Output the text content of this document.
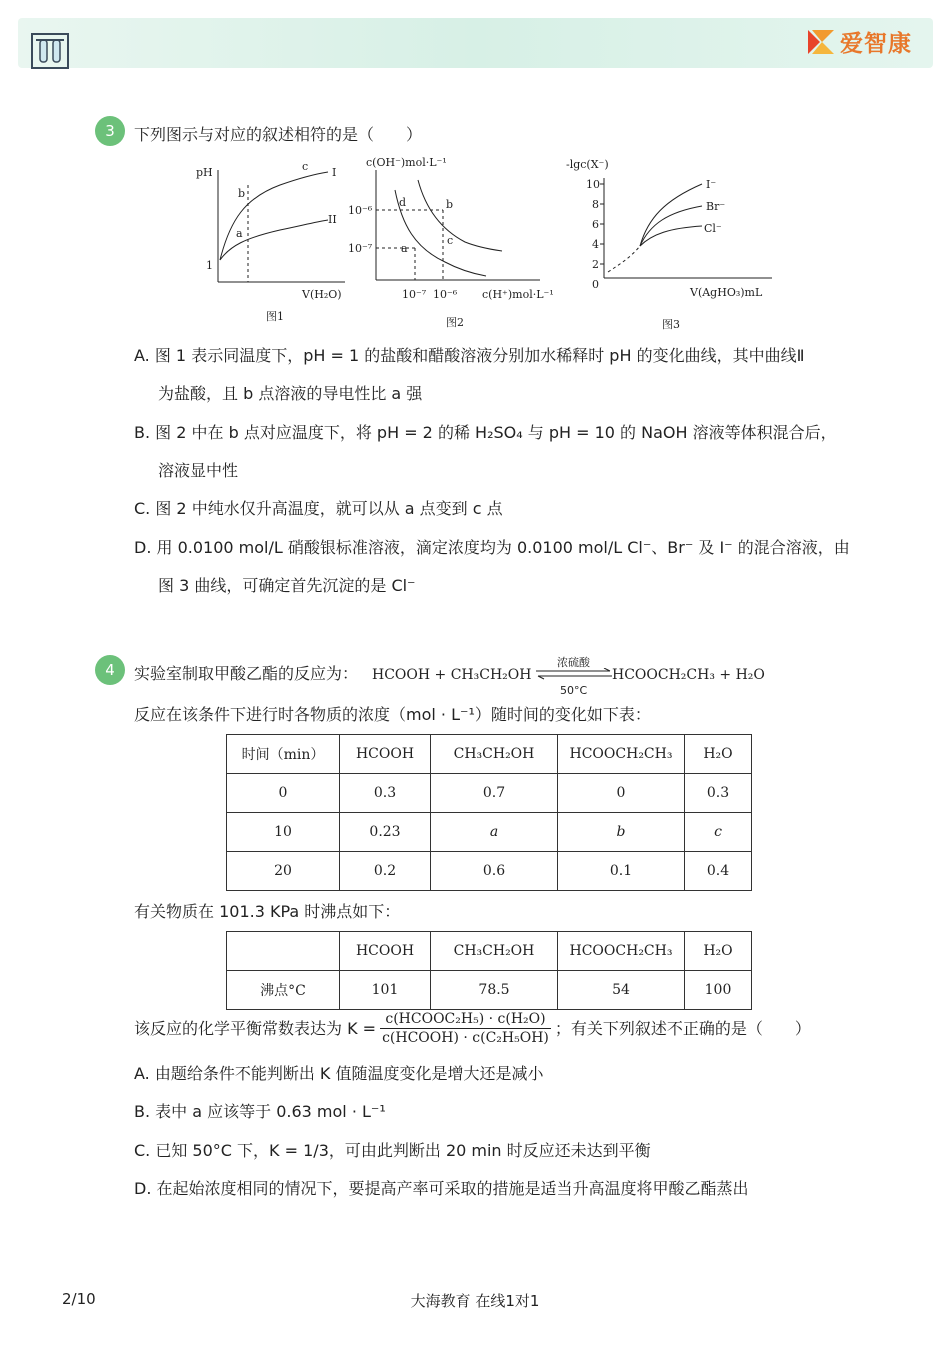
爱智康
3	下列图示与对应的叙述相符的是（　　）
pH
1
I
II
b
c
a
V(H₂O)
图1
c(OH⁻)mol·L⁻¹
10⁻⁶
10⁻⁷
10⁻⁷ 10⁻⁶ c(H⁺)mol·L⁻¹
d	b
c
a
图2
-lgc(X⁻)
10
8
6
4
2
0
I⁻
Br⁻
Cl⁻
V(AgHO₃)mL
图3
A. 图 1 表示同温度下，pH = 1 的盐酸和醋酸溶液分别加水稀释时 pH 的变化曲线，其中曲线Ⅱ
为盐酸，且 b 点溶液的导电性比 a 强
B. 图 2 中在 b 点对应温度下，将 pH = 2 的稀 H₂SO₄ 与 pH = 10 的 NaOH 溶液等体积混合后，
溶液显中性
C. 图 2 中纯水仅升高温度，就可以从 a 点变到 c 点
D. 用 0.0100 mol/L 硝酸银标准溶液，滴定浓度均为 0.0100 mol/L Cl⁻、Br⁻ 及 I⁻ 的混合溶液，由
图 3 曲线，可确定首先沉淀的是 Cl⁻
4	实验室制取甲酸乙酯的反应为： HCOOH + CH₃CH₂OH
浓硫酸
50°C
HCOOCH₂CH₃ + H₂O
反应在该条件下进行时各物质的浓度（mol · L⁻¹）随时间的变化如下表：
时间（min）	HCOOH	CH₃CH₂OH	HCOOCH₂CH₃	H₂O
0	0.3	0.7	0	0.3
10	0.23	a	b	c
20	0.2	0.6	0.1	0.4
有关物质在 101.3 KPa 时沸点如下：
	HCOOH	CH₃CH₂OH	HCOOCH₂CH₃	H₂O
沸点°C	101	78.5	54	100
该反应的化学平衡常数表达为 $K = \frac{\text{c(HCOOC₂H₅) · c(H₂O)}}{\text{c(HCOOH) · c(C₂H₅OH)}}$ ；有关下列叙述不正确的是（　　）
A. 由题给条件不能判断出 K 值随温度变化是增大还是减小
B. 表中 a 应该等于 0.63 mol · L⁻¹
C. 已知 50°C 下，K = 1/3，可由此判断出 20 min 时反应还未达到平衡
D. 在起始浓度相同的情况下，要提高产率可采取的措施是适当升高温度将甲酸乙酯蒸出
大海教育 在线1对1
2/10
